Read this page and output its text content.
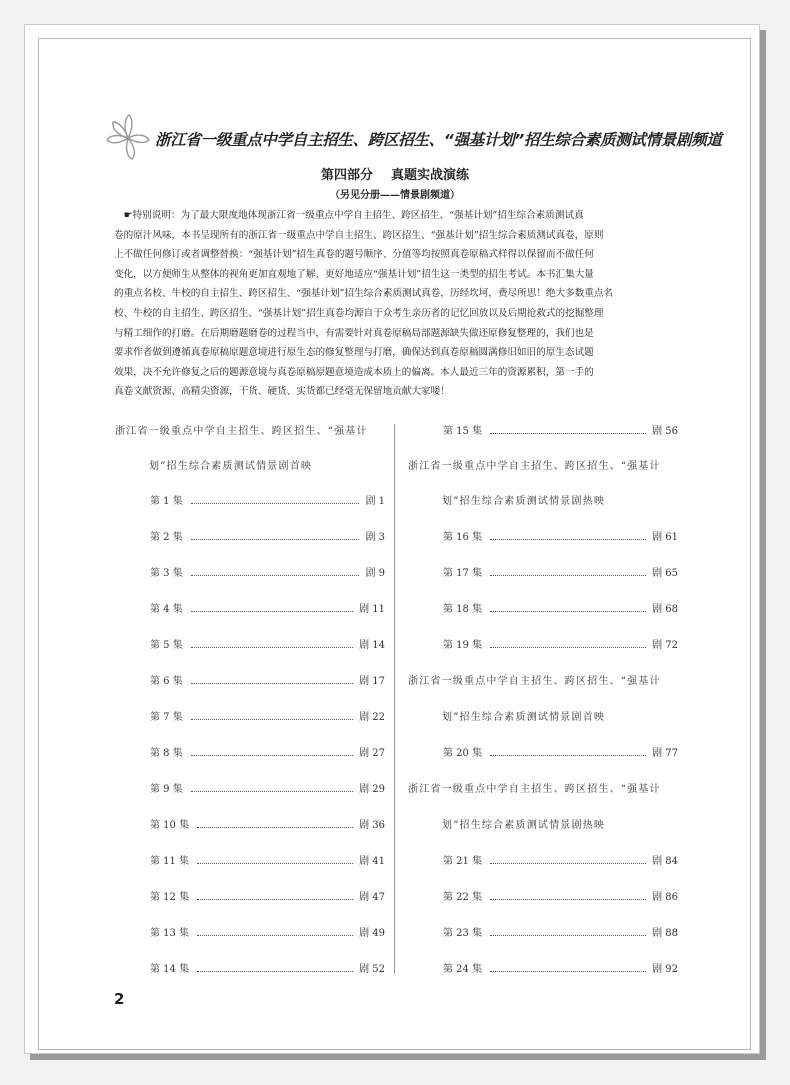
浙江省一级重点中学自主招生、跨区招生、“强基计划”招生综合素质测试情景剧频道
第四部分    真题实战演练
（另见分册——情景剧频道）
 ☛特别说明：为了最大限度地体现浙江省一级重点中学自主招生、跨区招生、“强基计划”招生综合素质测试真
卷的原汁风味，本书呈现所有的浙江省一级重点中学自主招生、跨区招生、“强基计划”招生综合素质测试真卷，原则
上不做任何修订或者调整替换：“强基计划”招生真卷的题号顺序、分值等均按照真卷原稿式样得以保留而不做任何
变化，以方便师生从整体的视角更加直观地了解、更好地适应“强基计划”招生这一类型的招生考试。本书汇集大量
的重点名校、牛校的自主招生、跨区招生、“强基计划”招生综合素质测试真卷，历经坎坷，费尽所思！绝大多数重点名
校、牛校的自主招生、跨区招生、“强基计划”招生真卷均源自于众考生亲历者的记忆回放以及后期抢救式的挖掘整理
与精工细作的打磨。在后期磨题磨卷的过程当中，有需要针对真卷原稿局部题源缺失做还原修复整理的，我们也是
要求作者做到遵循真卷原稿原题意境进行原生态的修复整理与打磨，确保达到真卷原稿圆满修旧如旧的原生态试题
效果，决不允许修复之后的题源意境与真卷原稿原题意境造成本质上的偏离。本人最近三年的资源累积，第一手的
真卷文献资源、高精尖资源，干货、硬货、实货都已经毫无保留地贡献大家喽！
浙江省一级重点中学自主招生、跨区招生、“强基计
划”招生综合素质测试情景剧首映
第 1 集	剧 1
第 2 集	剧 3
第 3 集	剧 9
第 4 集	剧 11
第 5 集	剧 14
第 6 集	剧 17
第 7 集	剧 22
第 8 集	剧 27
第 9 集	剧 29
第 10 集	剧 36
第 11 集	剧 41
第 12 集	剧 47
第 13 集	剧 49
第 14 集	剧 52
第 15 集	剧 56
浙江省一级重点中学自主招生、跨区招生、“强基计
划”招生综合素质测试情景剧热映
第 16 集	剧 61
第 17 集	剧 65
第 18 集	剧 68
第 19 集	剧 72
浙江省一级重点中学自主招生、跨区招生、“强基计
划”招生综合素质测试情景剧首映
第 20 集	剧 77
浙江省一级重点中学自主招生、跨区招生、“强基计
划”招生综合素质测试情景剧热映
第 21 集	剧 84
第 22 集	剧 86
第 23 集	剧 88
第 24 集	剧 92
2
